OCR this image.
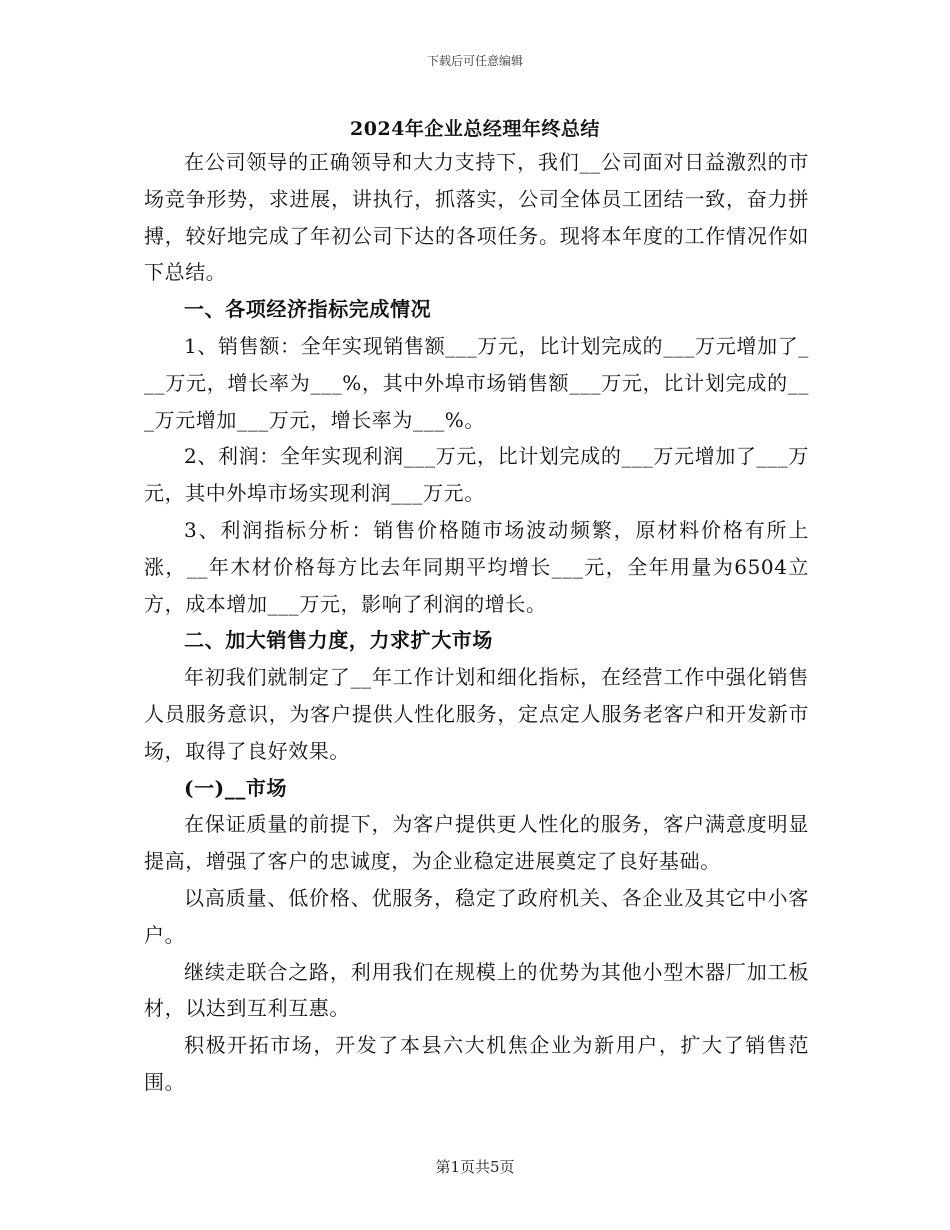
下载后可任意编辑
2024年企业总经理年终总结

在公司领导的正确领导和大力支持下，我们__公司面对日益激烈的市场竞争形势，求进展，讲执行，抓落实，公司全体员工团结一致，奋力拼搏，较好地完成了年初公司下达的各项任务。现将本年度的工作情况作如下总结。

一、各项经济指标完成情况

1、销售额：全年实现销售额___万元，比计划完成的___万元增加了___万元，增长率为___%，其中外埠市场销售额___万元，比计划完成的___万元增加___万元，增长率为___%。

2、利润：全年实现利润___万元，比计划完成的___万元增加了___万元，其中外埠市场实现利润___万元。

3、利润指标分析：销售价格随市场波动频繁，原材料价格有所上涨，__年木材价格每方比去年同期平均增长___元，全年用量为6504立方，成本增加___万元，影响了利润的增长。

二、加大销售力度，力求扩大市场

年初我们就制定了__年工作计划和细化指标，在经营工作中强化销售人员服务意识，为客户提供人性化服务，定点定人服务老客户和开发新市场，取得了良好效果。

(一)__市场

在保证质量的前提下，为客户提供更人性化的服务，客户满意度明显提高，增强了客户的忠诚度，为企业稳定进展奠定了良好基础。

以高质量、低价格、优服务，稳定了政府机关、各企业及其它中小客户。

继续走联合之路，利用我们在规模上的优势为其他小型木器厂加工板材，以达到互利互惠。

积极开拓市场，开发了本县六大机焦企业为新用户，扩大了销售范围。

第1页共5页
